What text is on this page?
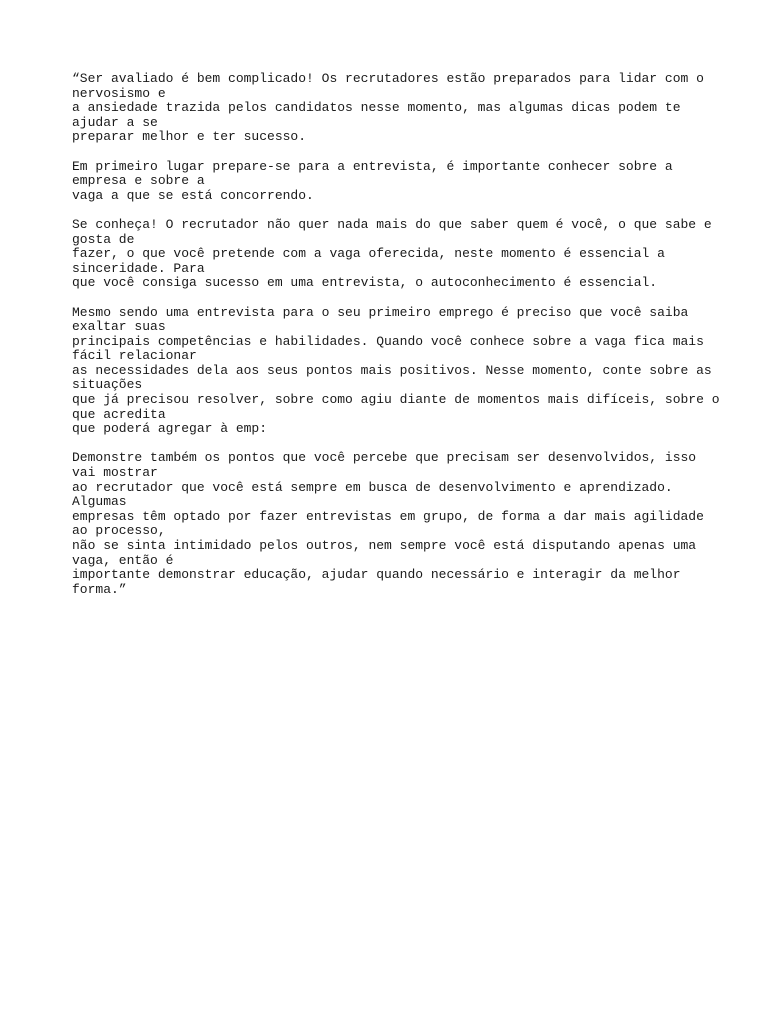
“Ser avaliado é bem complicado! Os recrutadores estão preparados para lidar com o
nervosismo e
a ansiedade trazida pelos candidatos nesse momento, mas algumas dicas podem te
ajudar a se
preparar melhor e ter sucesso.

Em primeiro lugar prepare-se para a entrevista, é importante conhecer sobre a
empresa e sobre a
vaga a que se está concorrendo.

Se conheça! O recrutador não quer nada mais do que saber quem é você, o que sabe e
gosta de
fazer, o que você pretende com a vaga oferecida, neste momento é essencial a
sinceridade. Para
que você consiga sucesso em uma entrevista, o autoconhecimento é essencial.

Mesmo sendo uma entrevista para o seu primeiro emprego é preciso que você saiba
exaltar suas
principais competências e habilidades. Quando você conhece sobre a vaga fica mais
fácil relacionar
as necessidades dela aos seus pontos mais positivos. Nesse momento, conte sobre as
situações
que já precisou resolver, sobre como agiu diante de momentos mais difíceis, sobre o
que acredita
que poderá agregar à emp:

Demonstre também os pontos que você percebe que precisam ser desenvolvidos, isso
vai mostrar
ao recrutador que você está sempre em busca de desenvolvimento e aprendizado.
Algumas
empresas têm optado por fazer entrevistas em grupo, de forma a dar mais agilidade
ao processo,
não se sinta intimidado pelos outros, nem sempre você está disputando apenas uma
vaga, então é
importante demonstrar educação, ajudar quando necessário e interagir da melhor
forma.”
